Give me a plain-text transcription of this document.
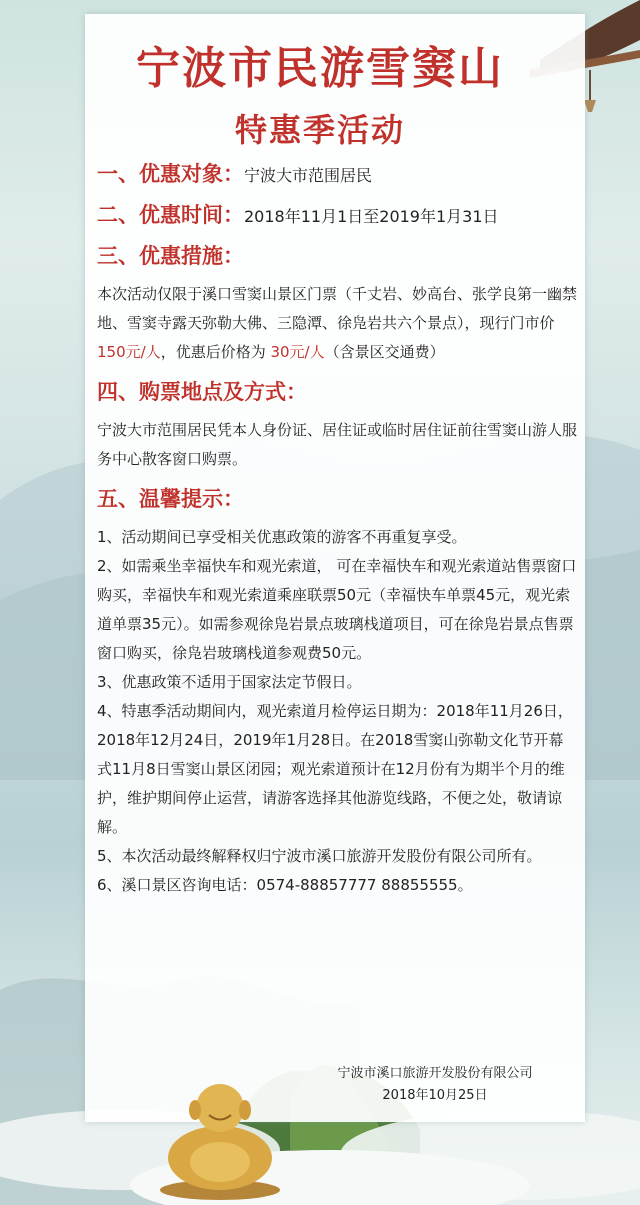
宁波市民游雪窦山
特惠季活动
一、优惠对象：宁波大市范围居民
二、优惠时间：2018年11月1日至2019年1月31日
三、优惠措施：
本次活动仅限于溪口雪窦山景区门票（千丈岩、妙高台、张学良第一幽禁地、雪窦寺露天弥勒大佛、三隐潭、徐凫岩共六个景点），现行门市价 150元/人，优惠后价格为 30元/人（含景区交通费）
四、购票地点及方式：
宁波大市范围居民凭本人身份证、居住证或临时居住证前往雪窦山游人服务中心散客窗口购票。
五、温馨提示：
1、活动期间已享受相关优惠政策的游客不再重复享受。
2、如需乘坐幸福快车和观光索道， 可在幸福快车和观光索道站售票窗口购买，幸福快车和观光索道乘座联票50元（幸福快车单票45元，观光索道单票35元）。如需参观徐凫岩景点玻璃栈道项目，可在徐凫岩景点售票窗口购买，徐凫岩玻璃栈道参观费50元。
3、优惠政策不适用于国家法定节假日。
4、特惠季活动期间内，观光索道月检停运日期为：2018年11月26日，2018年12月24日，2019年1月28日。在2018雪窦山弥勒文化节开幕式11月8日雪窦山景区闭园；观光索道预计在12月份有为期半个月的维护，维护期间停止运营，请游客选择其他游览线路，不便之处，敬请谅解。
5、本次活动最终解释权归宁波市溪口旅游开发股份有限公司所有。
6、溪口景区咨询电话：0574-88857777 88855555。
宁波市溪口旅游开发股份有限公司
2018年10月25日
